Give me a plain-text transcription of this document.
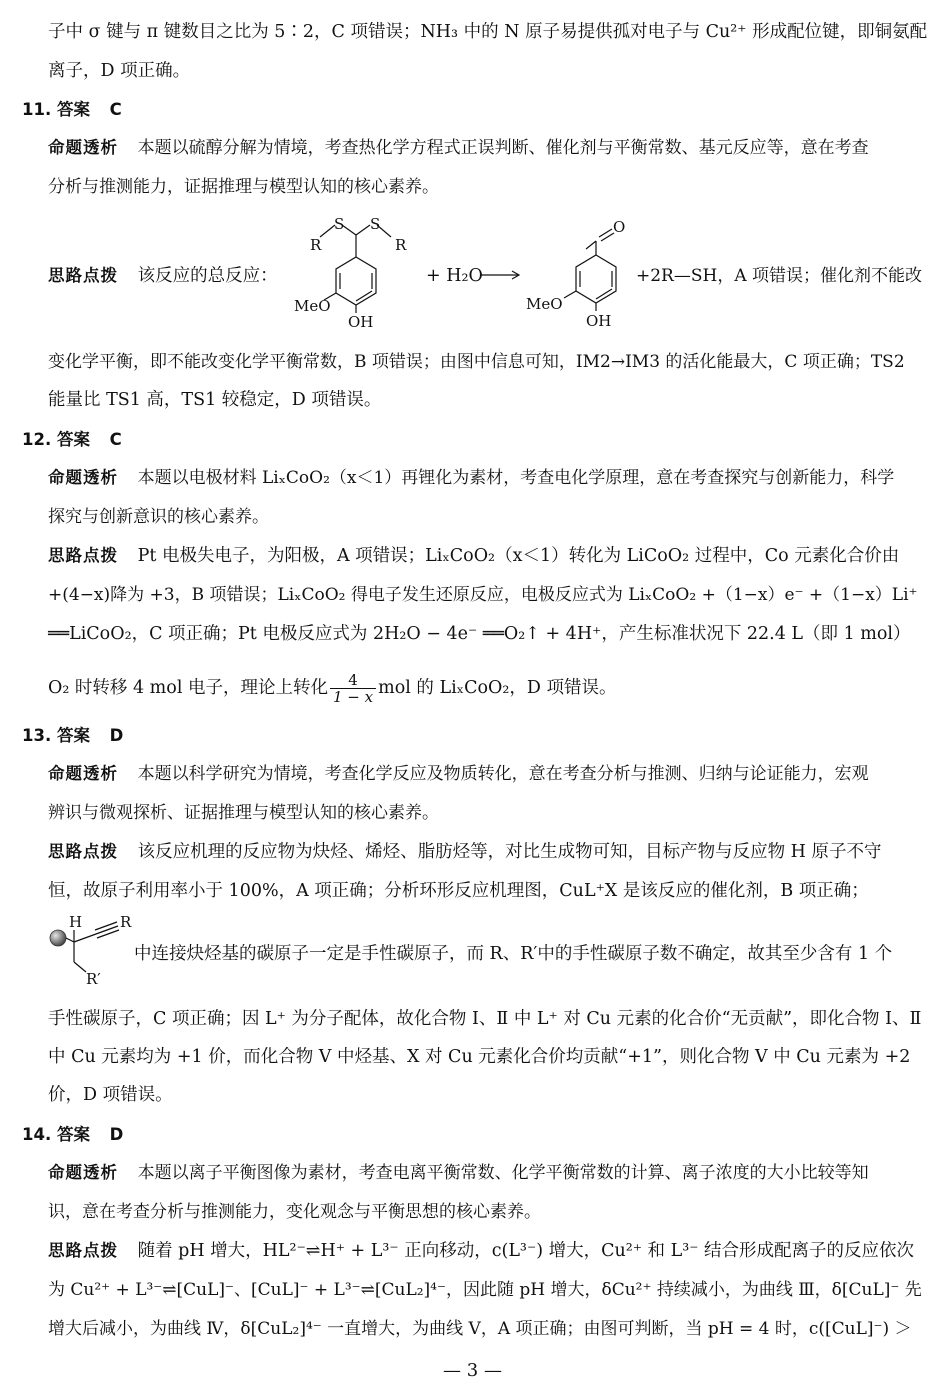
子中 σ 键与 π 键数目之比为 5∶2，C 项错误；NH₃ 中的 N 原子易提供孤对电子与 Cu²⁺ 形成配位键，即铜氨配
离子，D 项正确。
11. 答案 C
命题透析 本题以硫醇分解为情境，考查热化学方程式正误判断、催化剂与平衡常数、基元反应等，意在考查
分析与推测能力，证据推理与模型认知的核心素养。
思路点拨 该反应的总反应：
S S
R	R
MeO
OH
+ H₂O
O
MeO
OH
+2R—SH，A 项错误；催化剂不能改
变化学平衡，即不能改变化学平衡常数，B 项错误；由图中信息可知，IM2→IM3 的活化能最大，C 项正确；TS2
能量比 TS1 高，TS1 较稳定，D 项错误。
12. 答案 C
命题透析 本题以电极材料 LiₓCoO₂（x＜1）再锂化为素材，考查电化学原理，意在考查探究与创新能力，科学
探究与创新意识的核心素养。
思路点拨 Pt 电极失电子，为阳极，A 项错误；LiₓCoO₂（x＜1）转化为 LiCoO₂ 过程中，Co 元素化合价由
+(4−x)降为 +3，B 项错误；LiₓCoO₂ 得电子发生还原反应，电极反应式为 LiₓCoO₂ +（1−x）e⁻ +（1−x）Li⁺
══LiCoO₂，C 项正确；Pt 电极反应式为 2H₂O − 4e⁻ ══O₂↑ + 4H⁺，产生标准状况下 22.4 L（即 1 mol）
O₂ 时转移 4 mol 电子，理论上转化 $\frac{4}{1 - x}$ mol 的 LiₓCoO₂，D 项错误。
13. 答案 D
命题透析 本题以科学研究为情境，考查化学反应及物质转化，意在考查分析与推测、归纳与论证能力，宏观
辨识与微观探析、证据推理与模型认知的核心素养。
思路点拨 该反应机理的反应物为炔烃、烯烃、脂肪烃等，对比生成物可知，目标产物与反应物 H 原子不守
恒，故原子利用率小于 100%，A 项正确；分析环形反应机理图，CuL⁺X 是该反应的催化剂，B 项正确；
H	R
R′
中连接炔烃基的碳原子一定是手性碳原子，而 R、R′中的手性碳原子数不确定，故其至少含有 1 个
手性碳原子，C 项正确；因 L⁺ 为分子配体，故化合物 Ⅰ、Ⅱ 中 L⁺ 对 Cu 元素的化合价“无贡献”，即化合物 Ⅰ、Ⅱ
中 Cu 元素均为 +1 价，而化合物 Ⅴ 中烃基、X 对 Cu 元素化合价均贡献“+1”，则化合物 Ⅴ 中 Cu 元素为 +2
价，D 项错误。
14. 答案 D
命题透析 本题以离子平衡图像为素材，考查电离平衡常数、化学平衡常数的计算、离子浓度的大小比较等知
识，意在考查分析与推测能力，变化观念与平衡思想的核心素养。
思路点拨 随着 pH 增大，HL²⁻⇌H⁺ + L³⁻ 正向移动，c(L³⁻) 增大，Cu²⁺ 和 L³⁻ 结合形成配离子的反应依次
为 Cu²⁺ + L³⁻⇌[CuL]⁻、[CuL]⁻ + L³⁻⇌[CuL₂]⁴⁻，因此随 pH 增大，δCu²⁺ 持续减小，为曲线 Ⅲ，δ[CuL]⁻ 先
增大后减小，为曲线 Ⅳ，δ[CuL₂]⁴⁻ 一直增大，为曲线 Ⅴ，A 项正确；由图可判断，当 pH = 4 时，c([CuL]⁻) ＞
— 3 —
